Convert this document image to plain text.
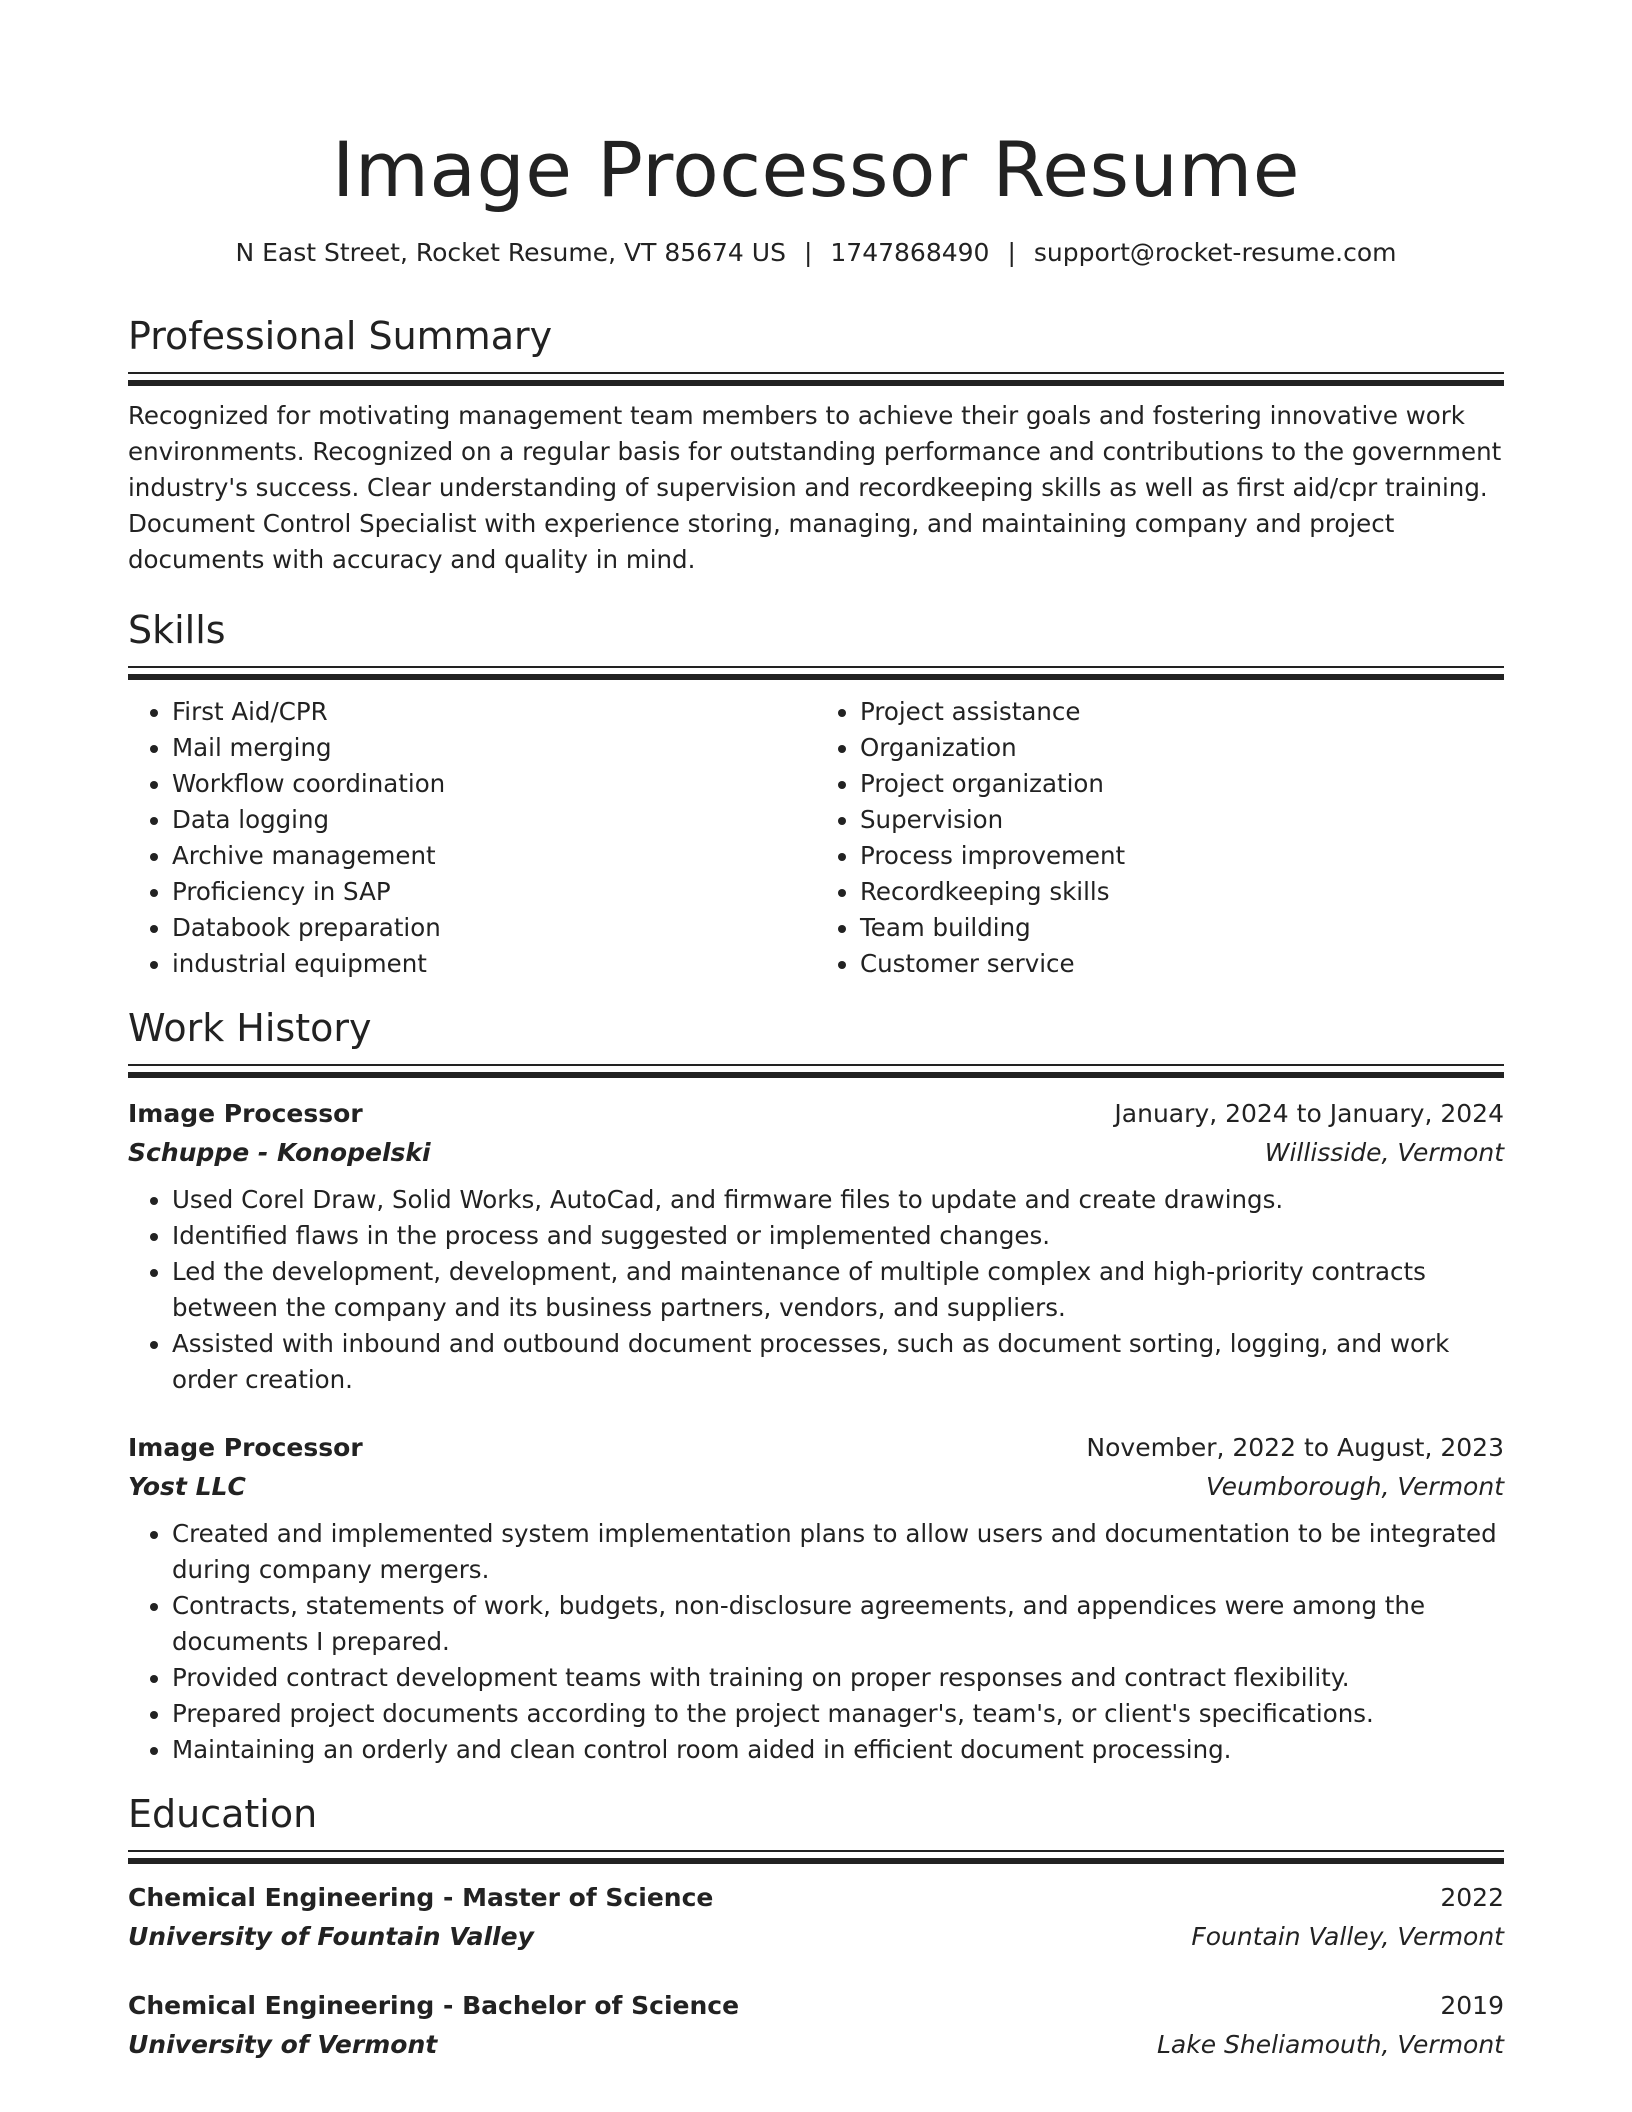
Image Processor Resume
N East Street, Rocket Resume, VT 85674 US | 1747868490 | support@rocket-resume.com
Professional Summary
Recognized for motivating management team members to achieve their goals and fostering innovative work environments. Recognized on a regular basis for outstanding performance and contributions to the government industry's success. Clear understanding of supervision and recordkeeping skills as well as first aid/cpr training. Document Control Specialist with experience storing, managing, and maintaining company and project documents with accuracy and quality in mind.
Skills
• First Aid/CPR
• Mail merging
• Workflow coordination
• Data logging
• Archive management
• Proficiency in SAP
• Databook preparation
• industrial equipment
• Project assistance
• Organization
• Project organization
• Supervision
• Process improvement
• Recordkeeping skills
• Team building
• Customer service
Work History
Image Processor	January, 2024 to January, 2024
Schuppe - Konopelski	Willisside, Vermont
• Used Corel Draw, Solid Works, AutoCad, and firmware files to update and create drawings.
• Identified flaws in the process and suggested or implemented changes.
• Led the development, development, and maintenance of multiple complex and high-priority contracts between the company and its business partners, vendors, and suppliers.
• Assisted with inbound and outbound document processes, such as document sorting, logging, and work order creation.
Image Processor	November, 2022 to August, 2023
Yost LLC	Veumborough, Vermont
• Created and implemented system implementation plans to allow users and documentation to be integrated during company mergers.
• Contracts, statements of work, budgets, non-disclosure agreements, and appendices were among the documents I prepared.
• Provided contract development teams with training on proper responses and contract flexibility.
• Prepared project documents according to the project manager's, team's, or client's specifications.
• Maintaining an orderly and clean control room aided in efficient document processing.
Education
Chemical Engineering - Master of Science	2022
University of Fountain Valley	Fountain Valley, Vermont
Chemical Engineering - Bachelor of Science	2019
University of Vermont	Lake Sheliamouth, Vermont
